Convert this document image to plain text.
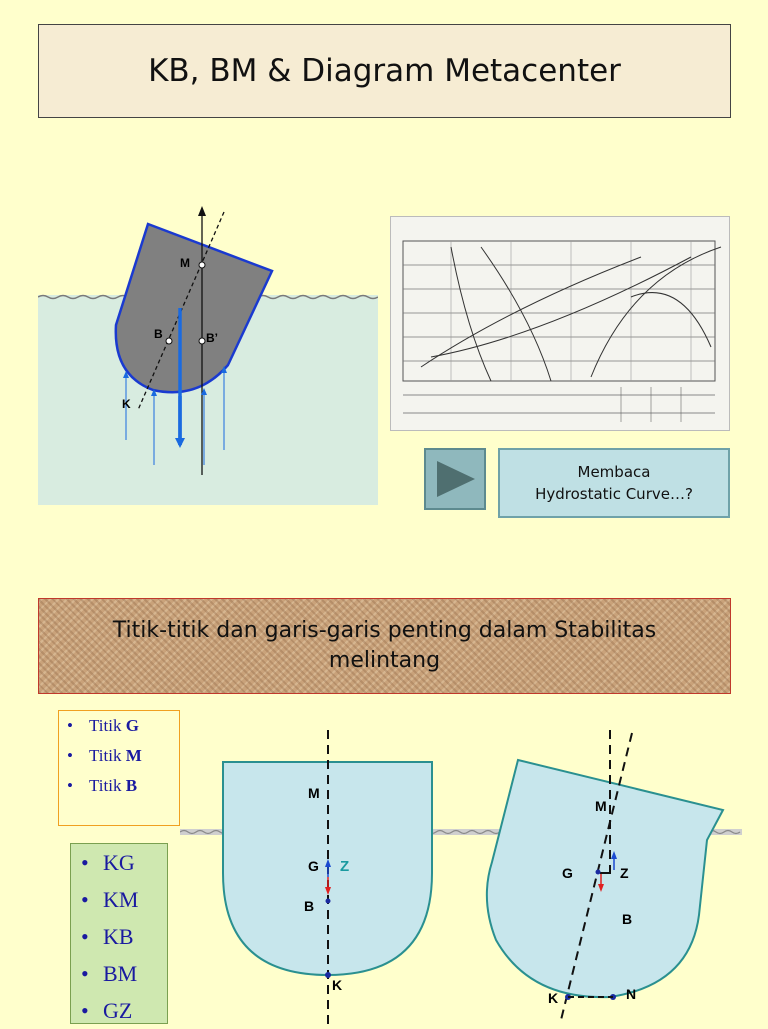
KB, BM & Diagram Metacenter
M
B	B’
K
Membaca
Hydrostatic Curve…?
Titik-titik dan garis-garis penting dalam Stabilitas melintang
• Titik G
• Titik M
• Titik B
• KG
• KM
• KB
• BM
• GZ
M
G Z
B
K
M
G	Z
B
K	N
